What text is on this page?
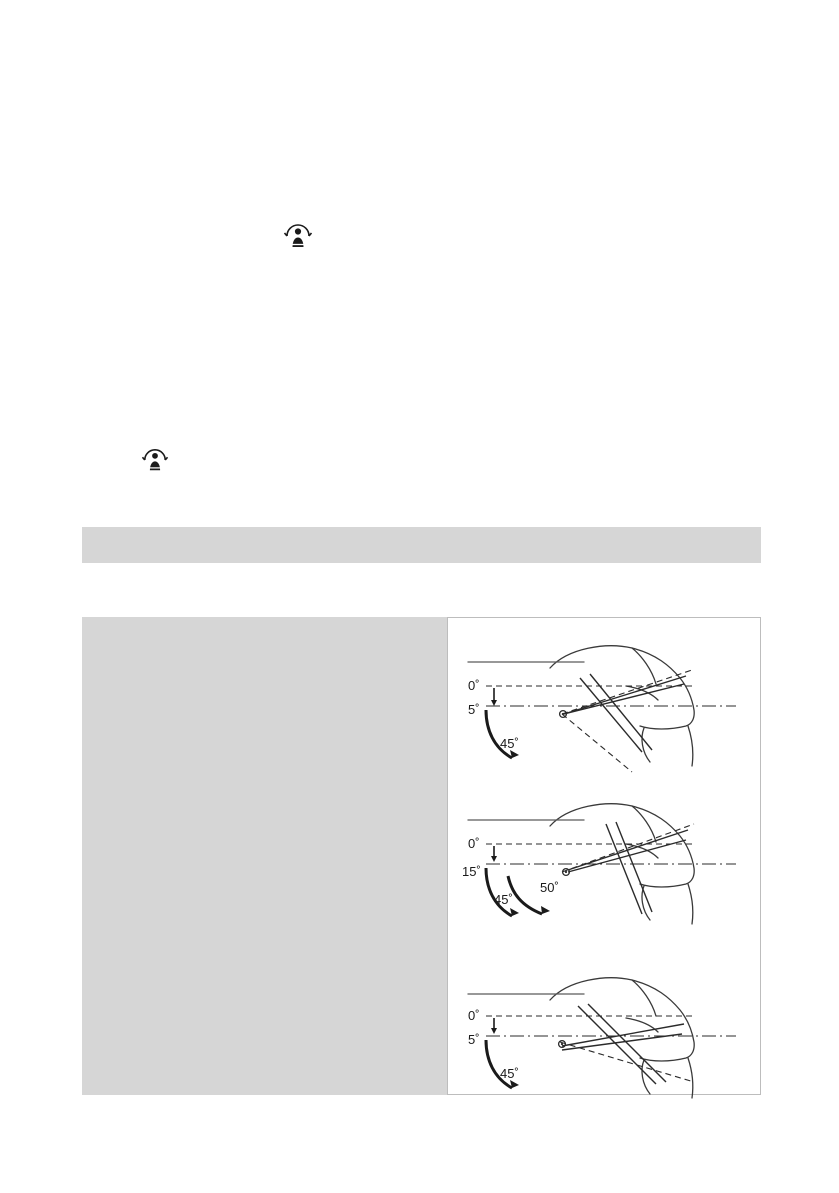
0˚
5˚
45˚
0˚
15˚
45˚
50˚
0˚
5˚
45˚
